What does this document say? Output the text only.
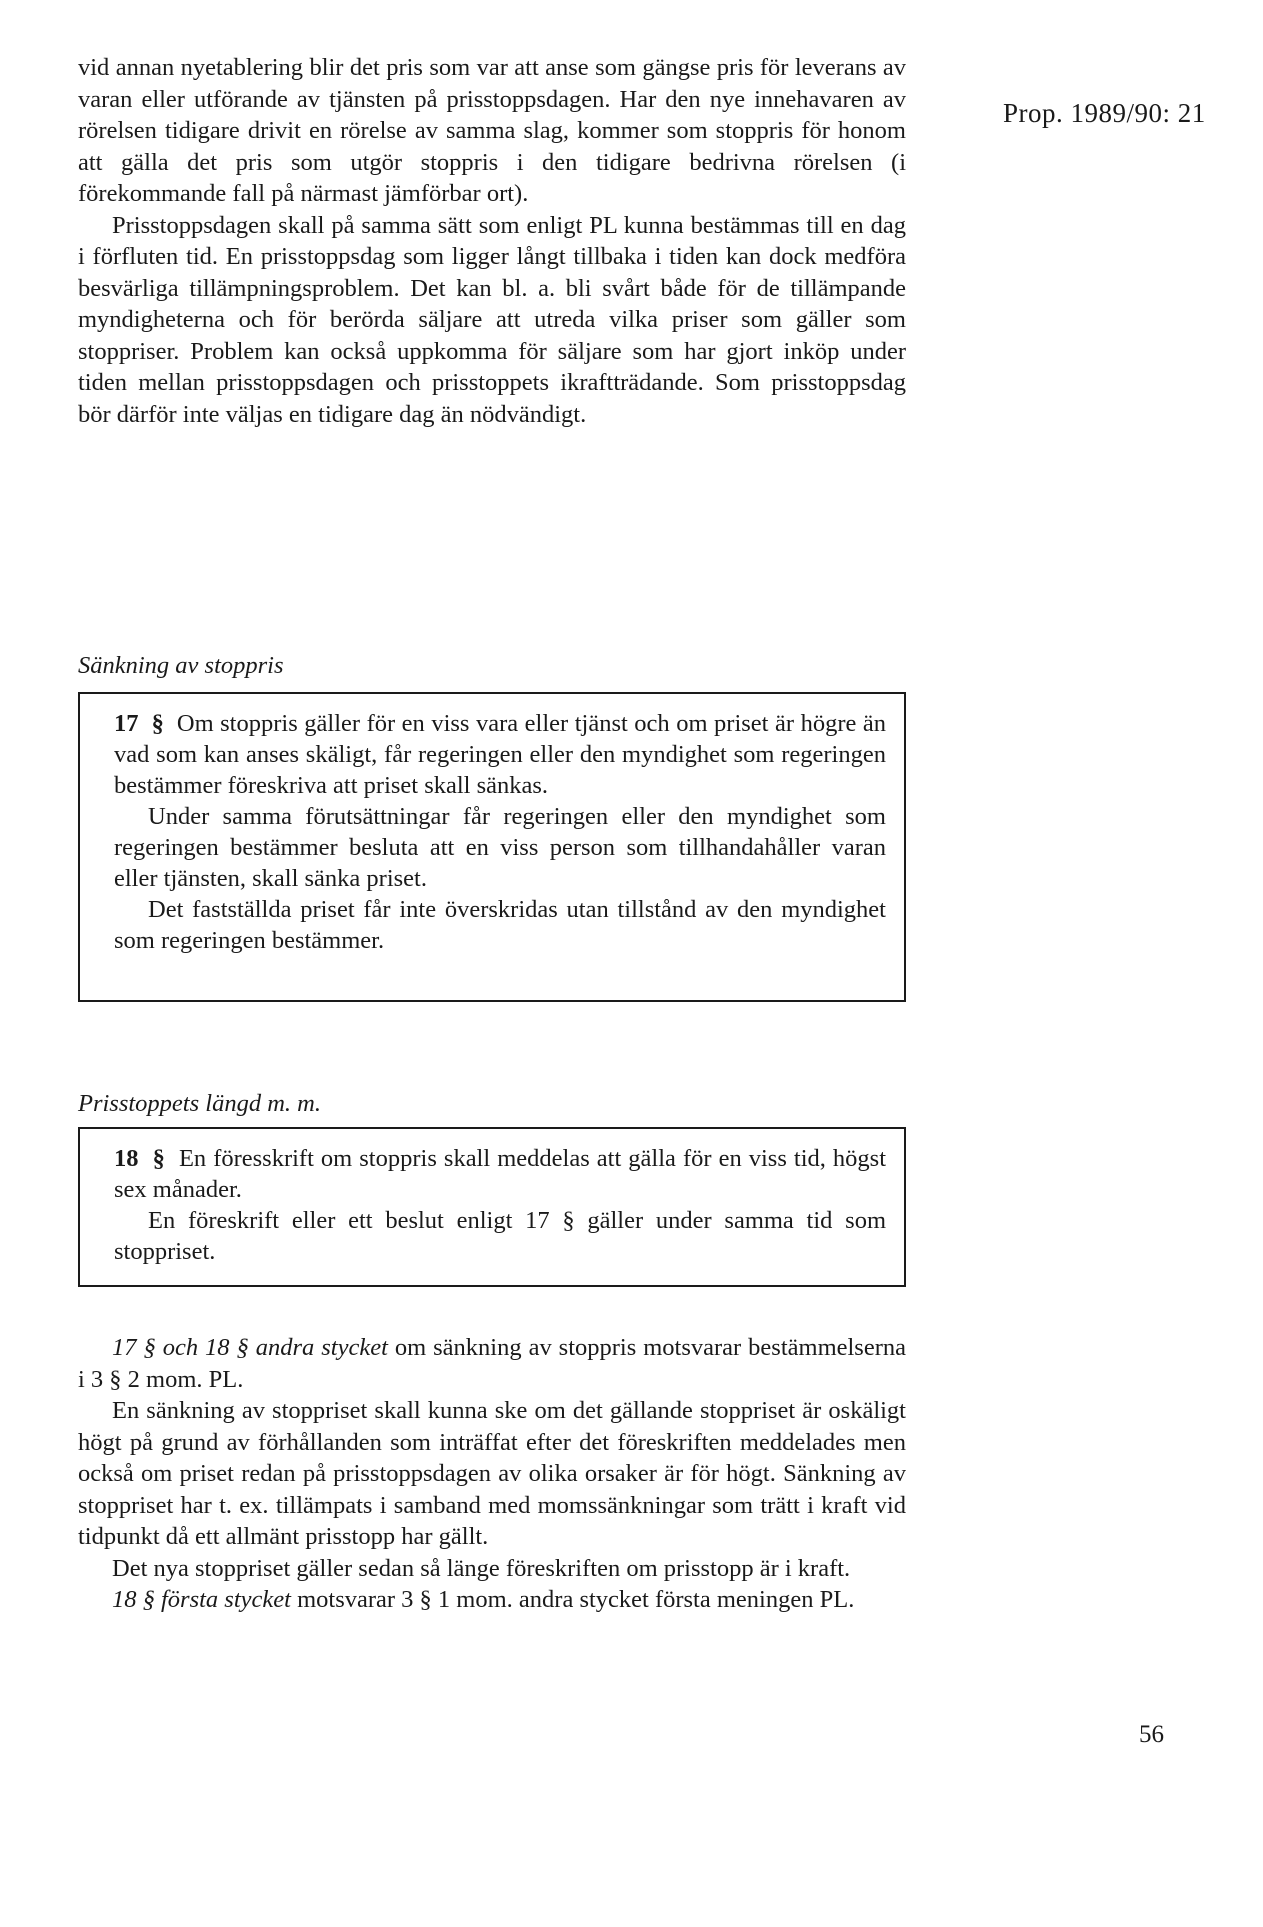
Prop. 1989/90: 21

vid annan nyetablering blir det pris som var att anse som gängse pris för leverans av varan eller utförande av tjänsten på prisstoppsdagen. Har den nye innehavaren av rörelsen tidigare drivit en rörelse av samma slag, kommer som stoppris för honom att gälla det pris som utgör stoppris i den tidigare bedrivna rörelsen (i förekommande fall på närmast jämförbar ort).

Prisstoppsdagen skall på samma sätt som enligt PL kunna bestämmas till en dag i förfluten tid. En prisstoppsdag som ligger långt tillbaka i tiden kan dock medföra besvärliga tillämpningsproblem. Det kan bl. a. bli svårt både för de tillämpande myndigheterna och för berörda säljare att utreda vilka priser som gäller som stoppriser. Problem kan också uppkomma för säljare som har gjort inköp under tiden mellan prisstoppsdagen och prisstoppets ikraftträdande. Som prisstoppsdag bör därför inte väljas en tidigare dag än nödvändigt.

Sänkning av stoppris

17 § Om stoppris gäller för en viss vara eller tjänst och om priset är högre än vad som kan anses skäligt, får regeringen eller den myndighet som regeringen bestämmer föreskriva att priset skall sänkas.

Under samma förutsättningar får regeringen eller den myndighet som regeringen bestämmer besluta att en viss person som tillhandahåller varan eller tjänsten, skall sänka priset.

Det fastställda priset får inte överskridas utan tillstånd av den myndighet som regeringen bestämmer.

Prisstoppets längd m. m.

18 § En föresskrift om stoppris skall meddelas att gälla för en viss tid, högst sex månader.

En föreskrift eller ett beslut enligt 17 § gäller under samma tid som stoppriset.

17 § och 18 § andra stycket om sänkning av stoppris motsvarar bestämmelserna i 3 § 2 mom. PL.

En sänkning av stoppriset skall kunna ske om det gällande stoppriset är oskäligt högt på grund av förhållanden som inträffat efter det föreskriften meddelades men också om priset redan på prisstoppsdagen av olika orsaker är för högt. Sänkning av stoppriset har t. ex. tillämpats i samband med momssänkningar som trätt i kraft vid tidpunkt då ett allmänt prisstopp har gällt.

Det nya stoppriset gäller sedan så länge föreskriften om prisstopp är i kraft.

18 § första stycket motsvarar 3 § 1 mom. andra stycket första meningen PL.

56
